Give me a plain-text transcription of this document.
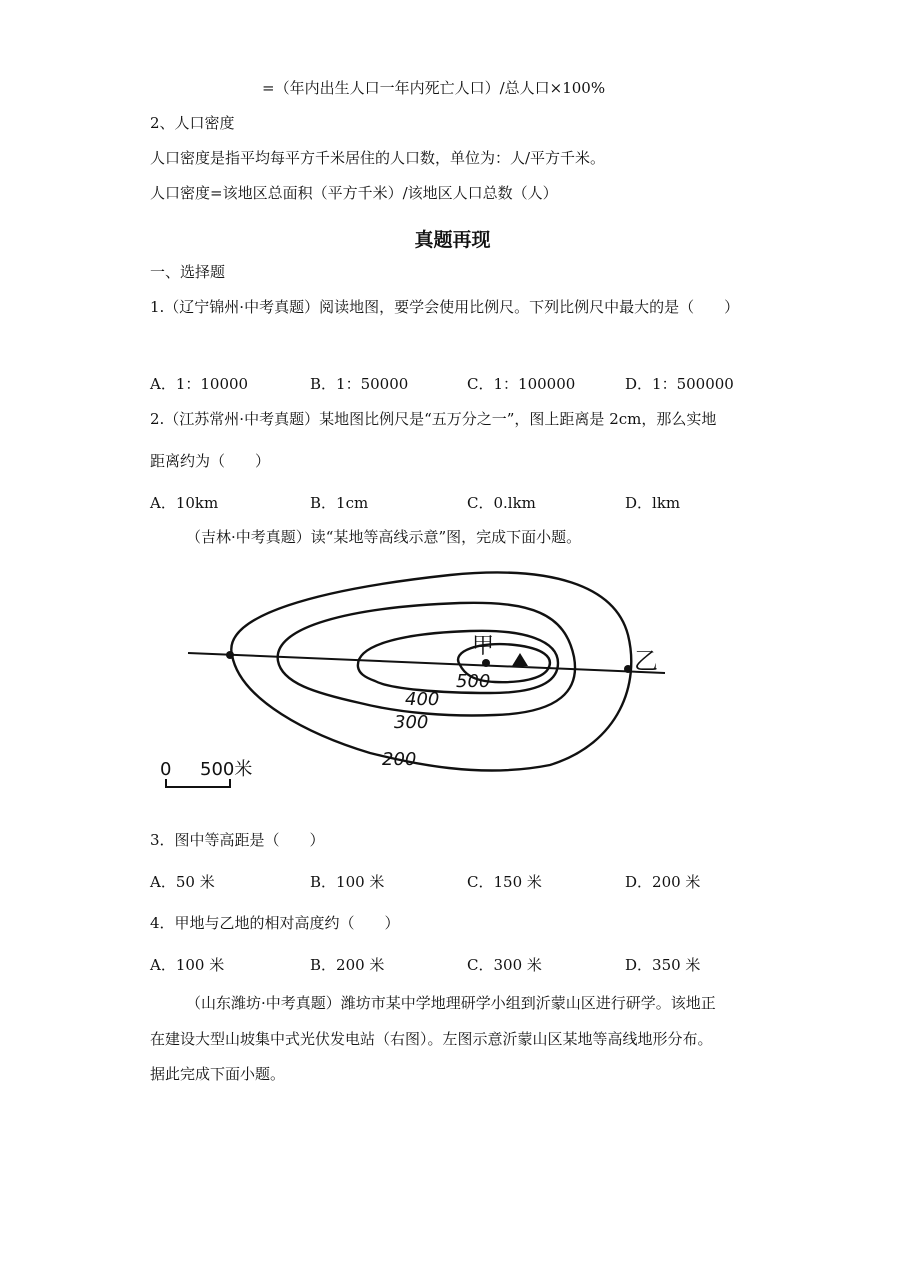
=（年内出生人口一年内死亡人口）/总人口×100%
2、人口密度
人口密度是指平均每平方千米居住的人口数，单位为：人/平方千米。
人口密度=该地区总面积（平方千米）/该地区人口总数（人）
真题再现
一、选择题
1.（辽宁锦州·中考真题）阅读地图，要学会使用比例尺。下列比例尺中最大的是（　　）
A．1：10000	B．1：50000	C．1：100000	D．1：500000
2.（江苏常州·中考真题）某地图比例尺是“五万分之一”，图上距离是 2cm，那么实地
距离约为（　　）
A．10km	B．1cm	C．0.lkm	D．lkm
（吉林·中考真题）读“某地等高线示意”图，完成下面小题。
甲
乙
500
400
300
200
0 500米
3．图中等高距是（　　）
A．50 米	B．100 米	C．150 米	D．200 米
4．甲地与乙地的相对高度约（　　）
A．100 米	B．200 米	C．300 米	D．350 米
（山东潍坊·中考真题）潍坊市某中学地理研学小组到沂蒙山区进行研学。该地正
在建设大型山坡集中式光伏发电站（右图）。左图示意沂蒙山区某地等高线地形分布。
据此完成下面小题。
